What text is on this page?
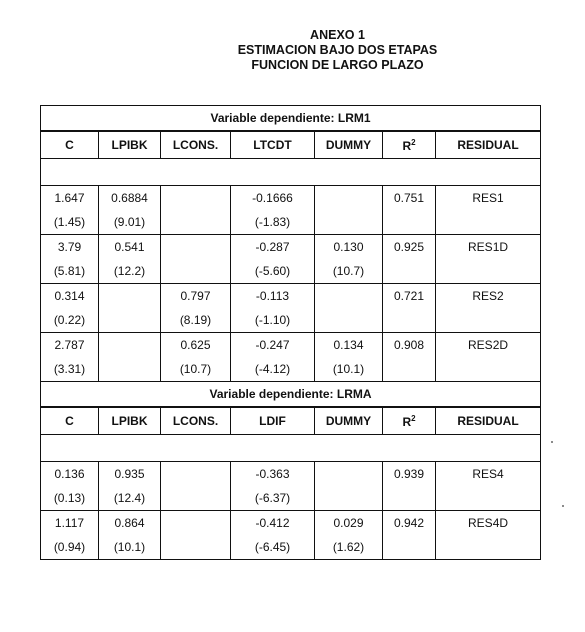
ANEXO 1
ESTIMACION BAJO DOS ETAPAS
FUNCION DE LARGO PLAZO
Variable dependiente: LRM1						
C	LPIBK	LCONS.	LTCDT	DUMMY	$R^2$	RESIDUAL

1.647	0.6884		-0.1666		0.751	RES1
(1.45)	(9.01)		(-1.83)			
3.79	0.541		-0.287	0.130	0.925	RES1D
(5.81)	(12.2)		(-5.60)	(10.7)		
0.314		0.797	-0.113		0.721	RES2
(0.22)		(8.19)	(-1.10)			
2.787		0.625	-0.247	0.134	0.908	RES2D
(3.31)		(10.7)	(-4.12)	(10.1)		
Variable dependiente: LRMA						
C	LPIBK	LCONS.	LDIF	DUMMY	$R^2$	RESIDUAL

0.136	0.935		-0.363		0.939	RES4
(0.13)	(12.4)		(-6.37)			
1.117	0.864		-0.412	0.029	0.942	RES4D
(0.94)	(10.1)		(-6.45)	(1.62)		
